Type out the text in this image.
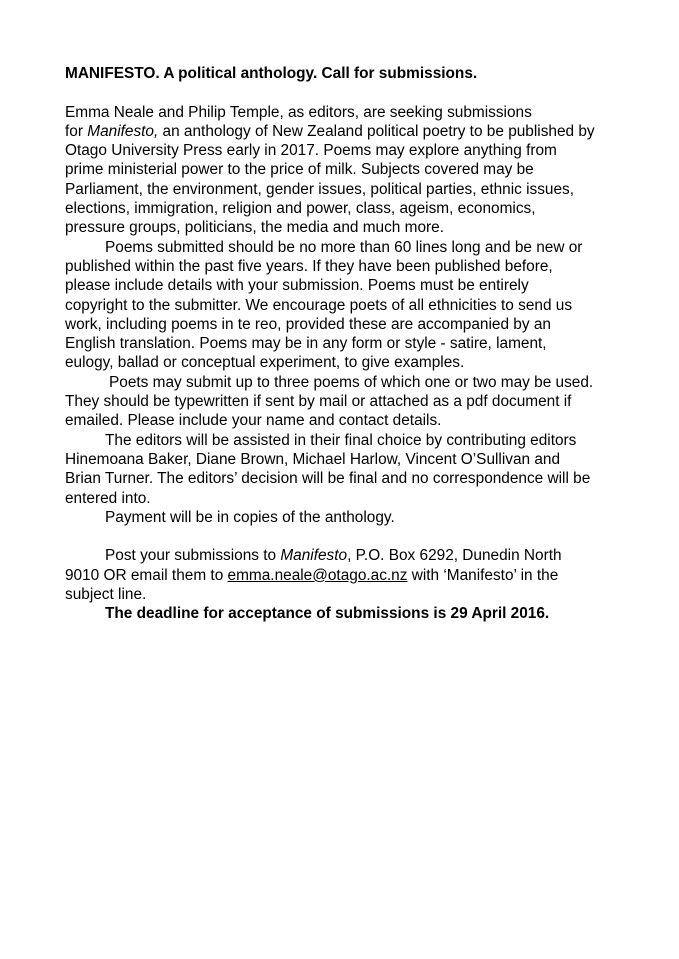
MANIFESTO. A political anthology. Call for submissions.

Emma Neale and Philip Temple, as editors, are seeking submissions

for Manifesto, an anthology of New Zealand political poetry to be published by

Otago University Press early in 2017. Poems may explore anything from

prime ministerial power to the price of milk. Subjects covered may be

Parliament, the environment, gender issues, political parties, ethnic issues,

elections, immigration, religion and power, class, ageism, economics,

pressure groups, politicians, the media and much more.

Poems submitted should be no more than 60 lines long and be new or

published within the past five years. If they have been published before,

please include details with your submission. Poems must be entirely

copyright to the submitter. We encourage poets of all ethnicities to send us

work, including poems in te reo, provided these are accompanied by an

English translation. Poems may be in any form or style - satire, lament,

eulogy, ballad or conceptual experiment, to give examples.

Poets may submit up to three poems of which one or two may be used.

They should be typewritten if sent by mail or attached as a pdf document if

emailed. Please include your name and contact details.

The editors will be assisted in their final choice by contributing editors

Hinemoana Baker, Diane Brown, Michael Harlow, Vincent O’Sullivan and

Brian Turner. The editors’ decision will be final and no correspondence will be

entered into.

Payment will be in copies of the anthology.

Post your submissions to Manifesto, P.O. Box 6292, Dunedin North

9010 OR email them to emma.neale@otago.ac.nz with ‘Manifesto’ in the

subject line.

The deadline for acceptance of submissions is 29 April 2016.
